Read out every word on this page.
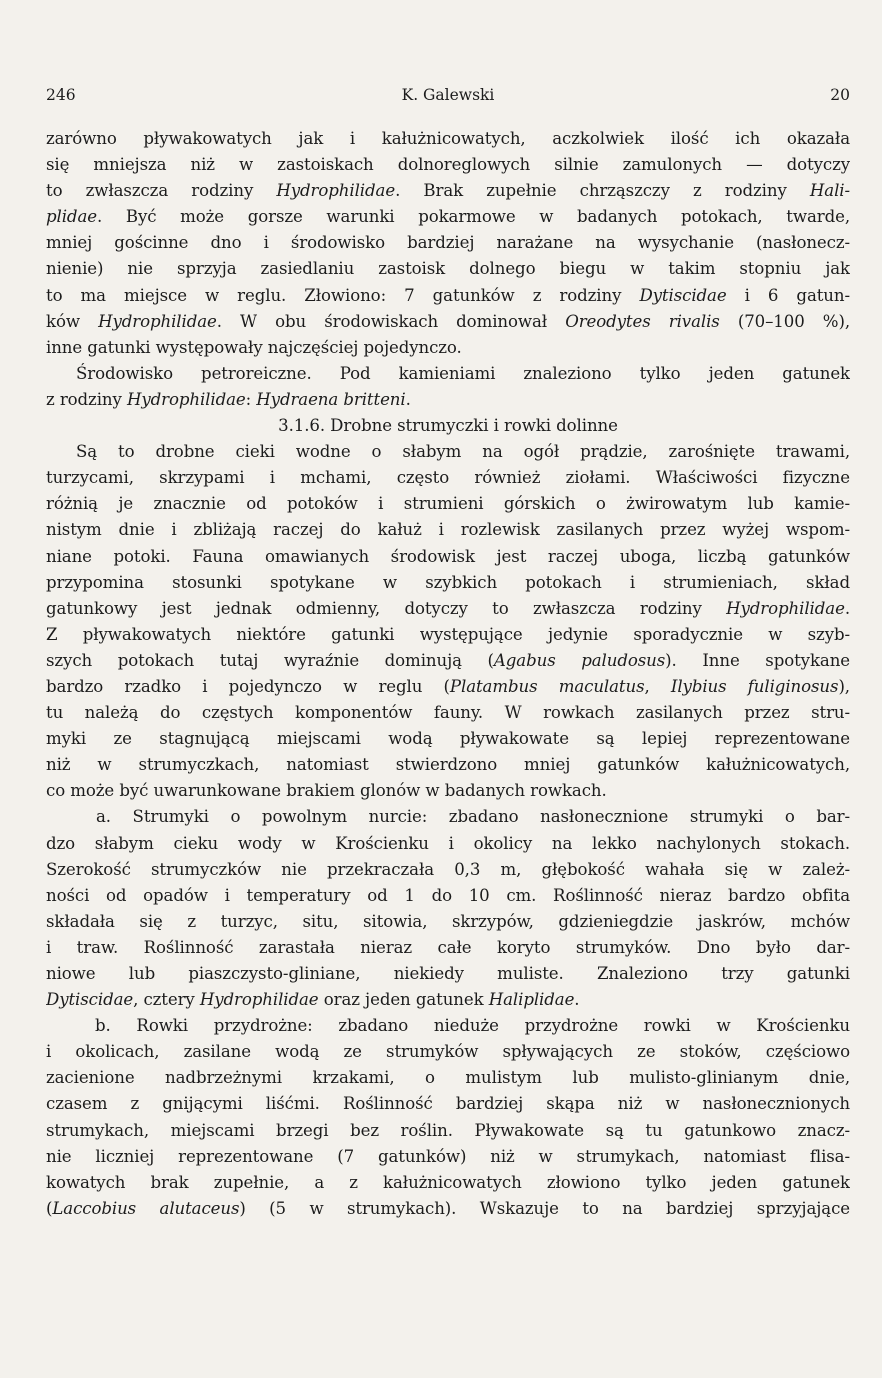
246	K. Galewski	20
zarówno pływakowatych jak i kałużnicowatych, aczkolwiek ilość ich okazała
się mniejsza niż w zastoiskach dolnoreglowych silnie zamulonych — dotyczy
to zwłaszcza rodziny Hydrophilidae. Brak zupełnie chrząszczy z rodziny Hali-
plidae. Być może gorsze warunki pokarmowe w badanych potokach, twarde,
mniej gościnne dno i środowisko bardziej narażane na wysychanie (nasłonecz-
nienie) nie sprzyja zasiedlaniu zastoisk dolnego biegu w takim stopniu jak
to ma miejsce w reglu. Złowiono: 7 gatunków z rodziny Dytiscidae i 6 gatun-
ków Hydrophilidae. W obu środowiskach dominował Oreodytes rivalis (70–100 %),
inne gatunki występowały najczęściej pojedynczo.
Środowisko petroreiczne. Pod kamieniami znaleziono tylko jeden gatunek
z rodziny Hydrophilidae: Hydraena britteni.
3.1.6. Drobne strumyczki i rowki dolinne
Są to drobne cieki wodne o słabym na ogół prądzie, zarośnięte trawami,
turzycami, skrzypami i mchami, często również ziołami. Właściwości fizyczne
różnią je znacznie od potoków i strumieni górskich o żwirowatym lub kamie-
nistym dnie i zbliżają raczej do kałuż i rozlewisk zasilanych przez wyżej wspom-
niane potoki. Fauna omawianych środowisk jest raczej uboga, liczbą gatunków
przypomina stosunki spotykane w szybkich potokach i strumieniach, skład
gatunkowy jest jednak odmienny, dotyczy to zwłaszcza rodziny Hydrophilidae.
Z pływakowatych niektóre gatunki występujące jedynie sporadycznie w szyb-
szych potokach tutaj wyraźnie dominują (Agabus paludosus). Inne spotykane
bardzo rzadko i pojedynczo w reglu (Platambus maculatus, Ilybius fuliginosus),
tu należą do częstych komponentów fauny. W rowkach zasilanych przez stru-
myki ze stagnującą miejscami wodą pływakowate są lepiej reprezentowane
niż w strumyczkach, natomiast stwierdzono mniej gatunków kałużnicowatych,
co może być uwarunkowane brakiem glonów w badanych rowkach.
a. Strumyki o powolnym nurcie: zbadano nasłonecznione strumyki o bar-
dzo słabym cieku wody w Krościenku i okolicy na lekko nachylonych stokach.
Szerokość strumyczków nie przekraczała 0,3 m, głębokość wahała się w zależ-
ności od opadów i temperatury od 1 do 10 cm. Roślinność nieraz bardzo obfita
składała się z turzyc, situ, sitowia, skrzypów, gdzieniegdzie jaskrów, mchów
i traw. Roślinność zarastała nieraz całe koryto strumyków. Dno było dar-
niowe lub piaszczysto-gliniane, niekiedy muliste. Znaleziono trzy gatunki
Dytiscidae, cztery Hydrophilidae oraz jeden gatunek Haliplidae.
b. Rowki przydrożne: zbadano nieduże przydrożne rowki w Krościenku
i okolicach, zasilane wodą ze strumyków spływających ze stoków, częściowo
zacienione nadbrzeżnymi krzakami, o mulistym lub mulisto-glinianym dnie,
czasem z gnijącymi liśćmi. Roślinność bardziej skąpa niż w nasłonecznionych
strumykach, miejscami brzegi bez roślin. Pływakowate są tu gatunkowo znacz-
nie liczniej reprezentowane (7 gatunków) niż w strumykach, natomiast flisa-
kowatych brak zupełnie, a z kałużnicowatych złowiono tylko jeden gatunek
(Laccobius alutaceus) (5 w strumykach). Wskazuje to na bardziej sprzyjające
